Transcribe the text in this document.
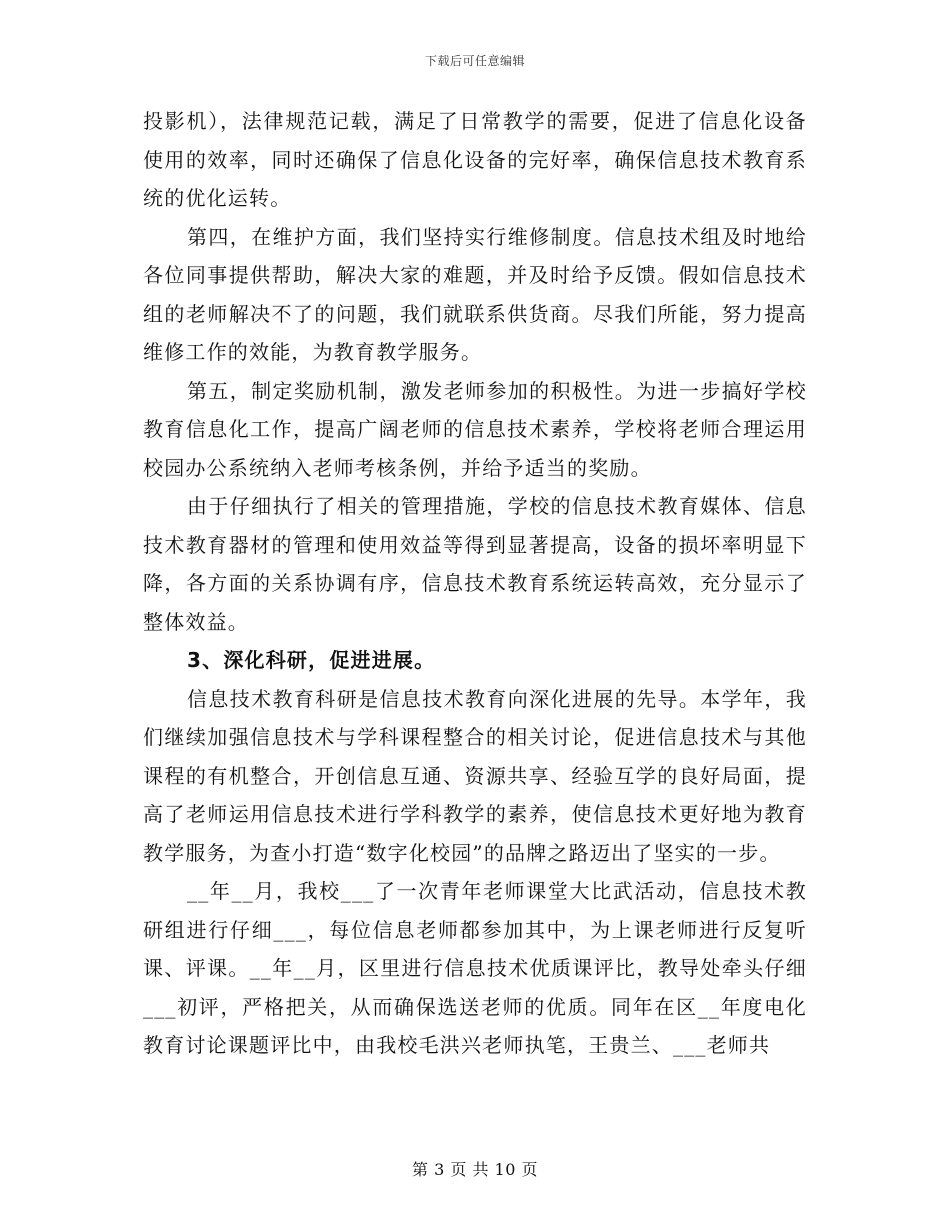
下载后可任意编辑

投影机），法律规范记载，满足了日常教学的需要，促进了信息化设备使用的效率，同时还确保了信息化设备的完好率，确保信息技术教育系统的优化运转。

第四，在维护方面，我们坚持实行维修制度。信息技术组及时地给各位同事提供帮助，解决大家的难题，并及时给予反馈。假如信息技术组的老师解决不了的问题，我们就联系供货商。尽我们所能，努力提高维修工作的效能，为教育教学服务。

第五，制定奖励机制，激发老师参加的积极性。为进一步搞好学校教育信息化工作，提高广阔老师的信息技术素养，学校将老师合理运用校园办公系统纳入老师考核条例，并给予适当的奖励。

由于仔细执行了相关的管理措施，学校的信息技术教育媒体、信息技术教育器材的管理和使用效益等得到显著提高，设备的损坏率明显下降，各方面的关系协调有序，信息技术教育系统运转高效，充分显示了整体效益。

3、深化科研，促进进展。

信息技术教育科研是信息技术教育向深化进展的先导。本学年，我们继续加强信息技术与学科课程整合的相关讨论，促进信息技术与其他课程的有机整合，开创信息互通、资源共享、经验互学的良好局面，提高了老师运用信息技术进行学科教学的素养，使信息技术更好地为教育教学服务，为查小打造“数字化校园”的品牌之路迈出了坚实的一步。

__年__月，我校___了一次青年老师课堂大比武活动，信息技术教研组进行仔细___，每位信息老师都参加其中，为上课老师进行反复听课、评课。__年__月，区里进行信息技术优质课评比，教导处牵头仔细___初评，严格把关，从而确保选送老师的优质。同年在区__年度电化教育讨论课题评比中，由我校毛洪兴老师执笔，王贵兰、___老师共

第 3 页 共 10 页
